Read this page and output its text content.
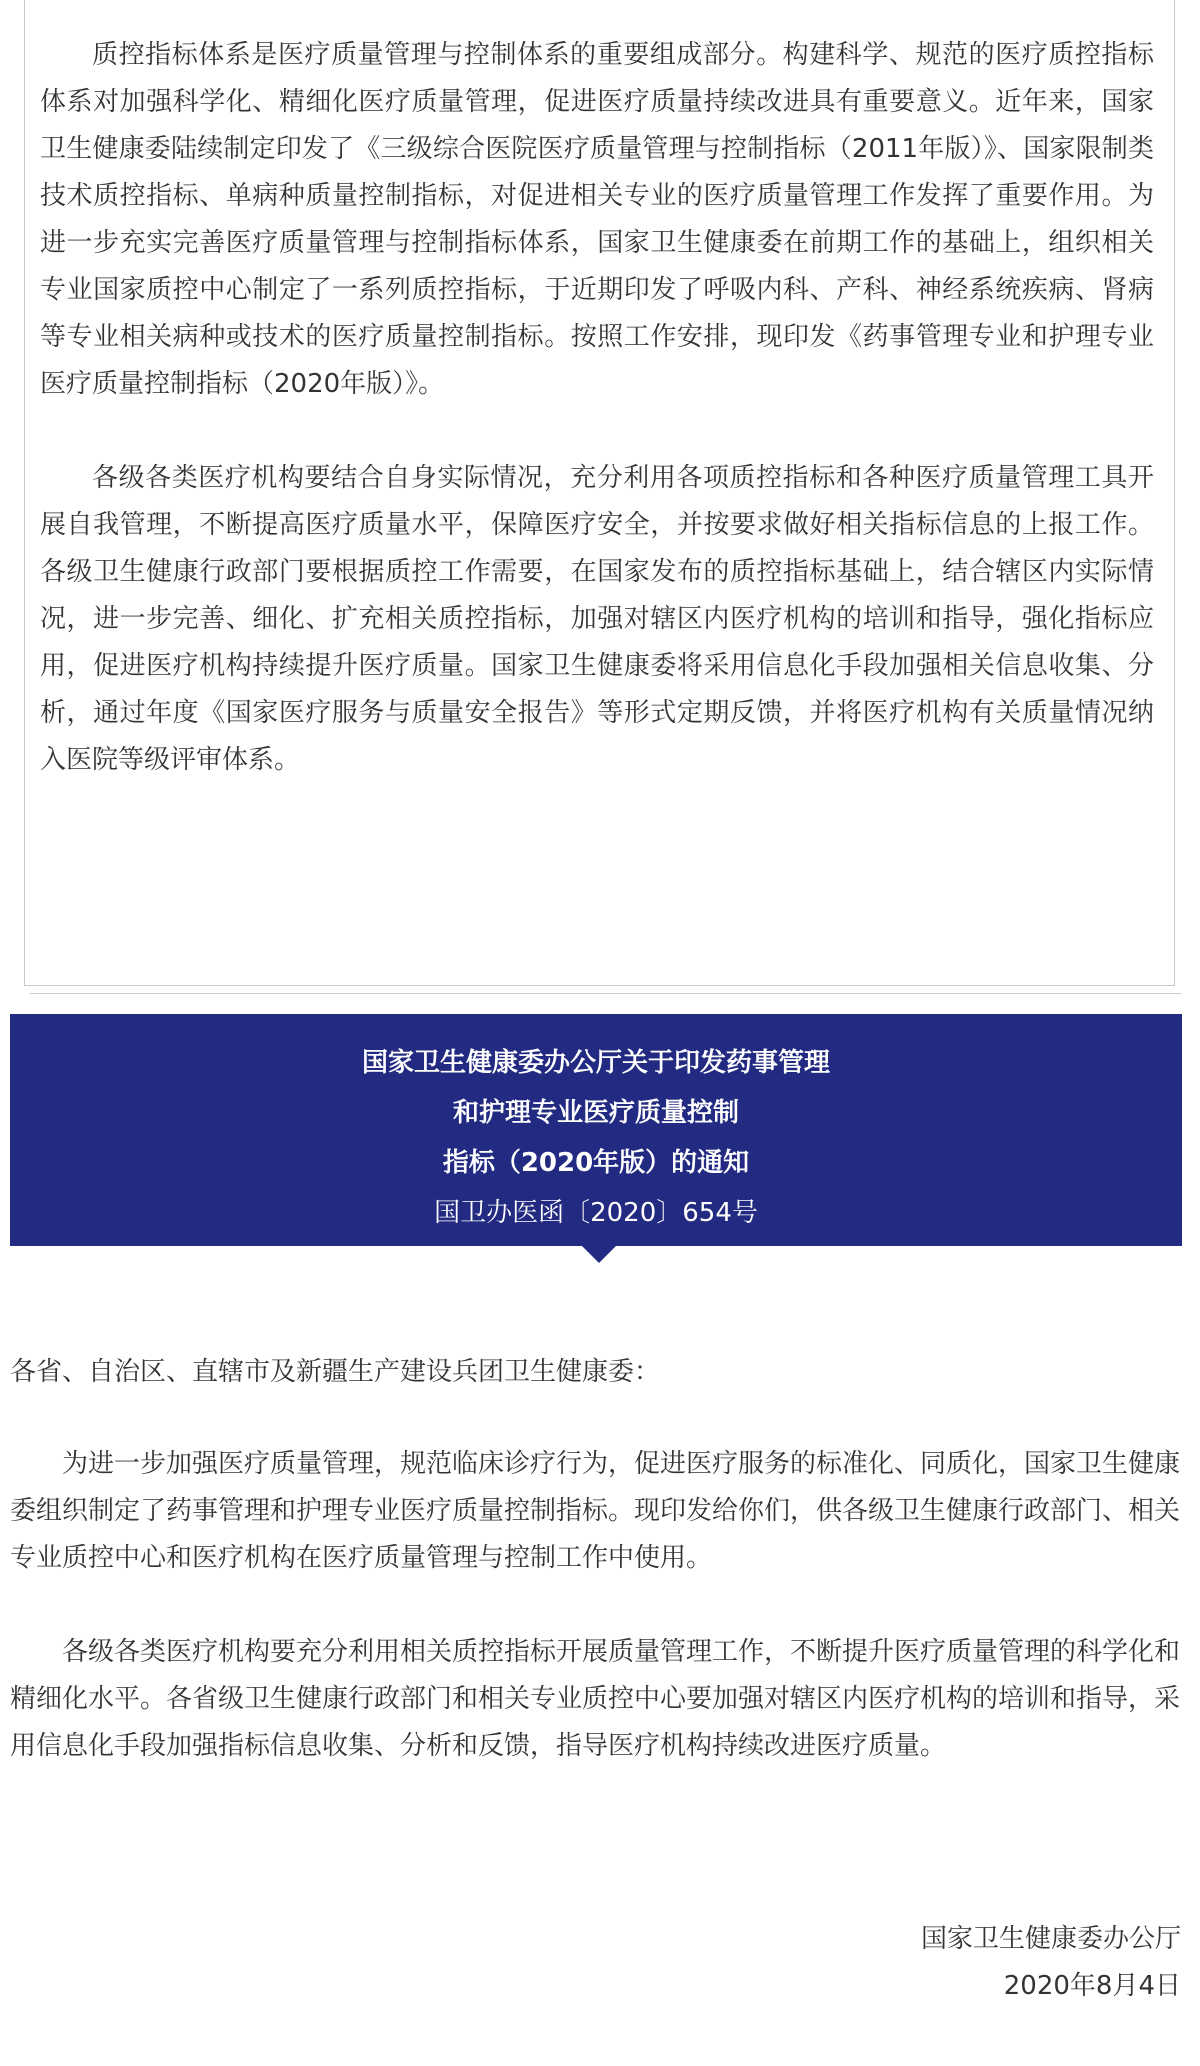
质控指标体系是医疗质量管理与控制体系的重要组成部分。构建科学、规范的医疗质控指标体系对加强科学化、精细化医疗质量管理，促进医疗质量持续改进具有重要意义。近年来，国家卫生健康委陆续制定印发了《三级综合医院医疗质量管理与控制指标（2011年版）》、国家限制类技术质控指标、单病种质量控制指标，对促进相关专业的医疗质量管理工作发挥了重要作用。为进一步充实完善医疗质量管理与控制指标体系，国家卫生健康委在前期工作的基础上，组织相关专业国家质控中心制定了一系列质控指标，于近期印发了呼吸内科、产科、神经系统疾病、肾病等专业相关病种或技术的医疗质量控制指标。按照工作安排，现印发《药事管理专业和护理专业医疗质量控制指标（2020年版）》。

各级各类医疗机构要结合自身实际情况，充分利用各项质控指标和各种医疗质量管理工具开展自我管理，不断提高医疗质量水平，保障医疗安全，并按要求做好相关指标信息的上报工作。各级卫生健康行政部门要根据质控工作需要，在国家发布的质控指标基础上，结合辖区内实际情况，进一步完善、细化、扩充相关质控指标，加强对辖区内医疗机构的培训和指导，强化指标应用，促进医疗机构持续提升医疗质量。国家卫生健康委将采用信息化手段加强相关信息收集、分析，通过年度《国家医疗服务与质量安全报告》等形式定期反馈，并将医疗机构有关质量情况纳入医院等级评审体系。

国家卫生健康委办公厅关于印发药事管理
和护理专业医疗质量控制
指标（2020年版）的通知
国卫办医函〔2020〕654号
各省、自治区、直辖市及新疆生产建设兵团卫生健康委：

为进一步加强医疗质量管理，规范临床诊疗行为，促进医疗服务的标准化、同质化，国家卫生健康委组织制定了药事管理和护理专业医疗质量控制指标。现印发给你们，供各级卫生健康行政部门、相关专业质控中心和医疗机构在医疗质量管理与控制工作中使用。

各级各类医疗机构要充分利用相关质控指标开展质量管理工作，不断提升医疗质量管理的科学化和精细化水平。各省级卫生健康行政部门和相关专业质控中心要加强对辖区内医疗机构的培训和指导，采用信息化手段加强指标信息收集、分析和反馈，指导医疗机构持续改进医疗质量。

国家卫生健康委办公厅
2020年8月4日
